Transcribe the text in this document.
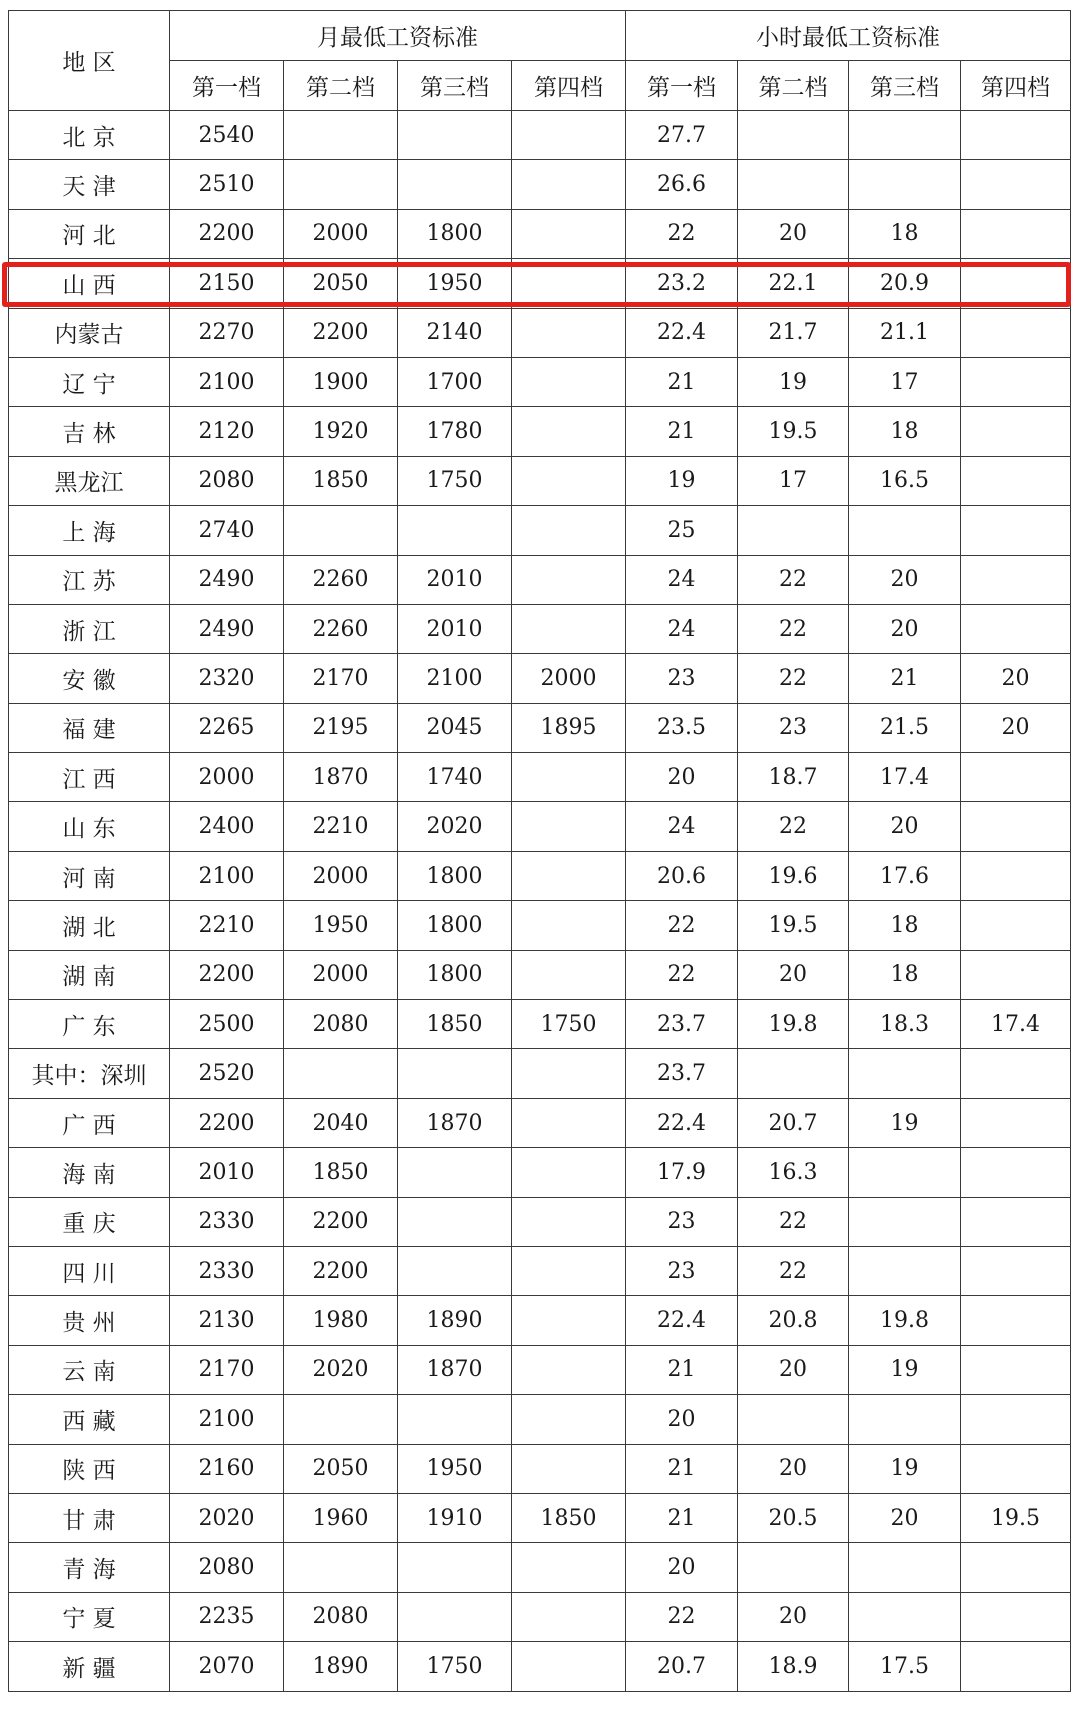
地 区	月最低工资标准				小时最低工资标准			
	第一档	第二档	第三档	第四档	第一档	第二档	第三档	第四档
北 京	2540				27.7			
天 津	2510				26.6			
河 北	2200	2000	1800		22	20	18	
山 西	2150	2050	1950		23.2	22.1	20.9	
内蒙古	2270	2200	2140		22.4	21.7	21.1	
辽 宁	2100	1900	1700		21	19	17	
吉 林	2120	1920	1780		21	19.5	18	
黑龙江	2080	1850	1750		19	17	16.5	
上 海	2740				25			
江 苏	2490	2260	2010		24	22	20	
浙 江	2490	2260	2010		24	22	20	
安 徽	2320	2170	2100	2000	23	22	21	20
福 建	2265	2195	2045	1895	23.5	23	21.5	20
江 西	2000	1870	1740		20	18.7	17.4	
山 东	2400	2210	2020		24	22	20	
河 南	2100	2000	1800		20.6	19.6	17.6	
湖 北	2210	1950	1800		22	19.5	18	
湖 南	2200	2000	1800		22	20	18	
广 东	2500	2080	1850	1750	23.7	19.8	18.3	17.4
其中：深圳	2520				23.7			
广 西	2200	2040	1870		22.4	20.7	19	
海 南	2010	1850			17.9	16.3		
重 庆	2330	2200			23	22		
四 川	2330	2200			23	22		
贵 州	2130	1980	1890		22.4	20.8	19.8	
云 南	2170	2020	1870		21	20	19	
西 藏	2100				20			
陕 西	2160	2050	1950		21	20	19	
甘 肃	2020	1960	1910	1850	21	20.5	20	19.5
青 海	2080				20			
宁 夏	2235	2080			22	20		
新 疆	2070	1890	1750		20.7	18.9	17.5	
